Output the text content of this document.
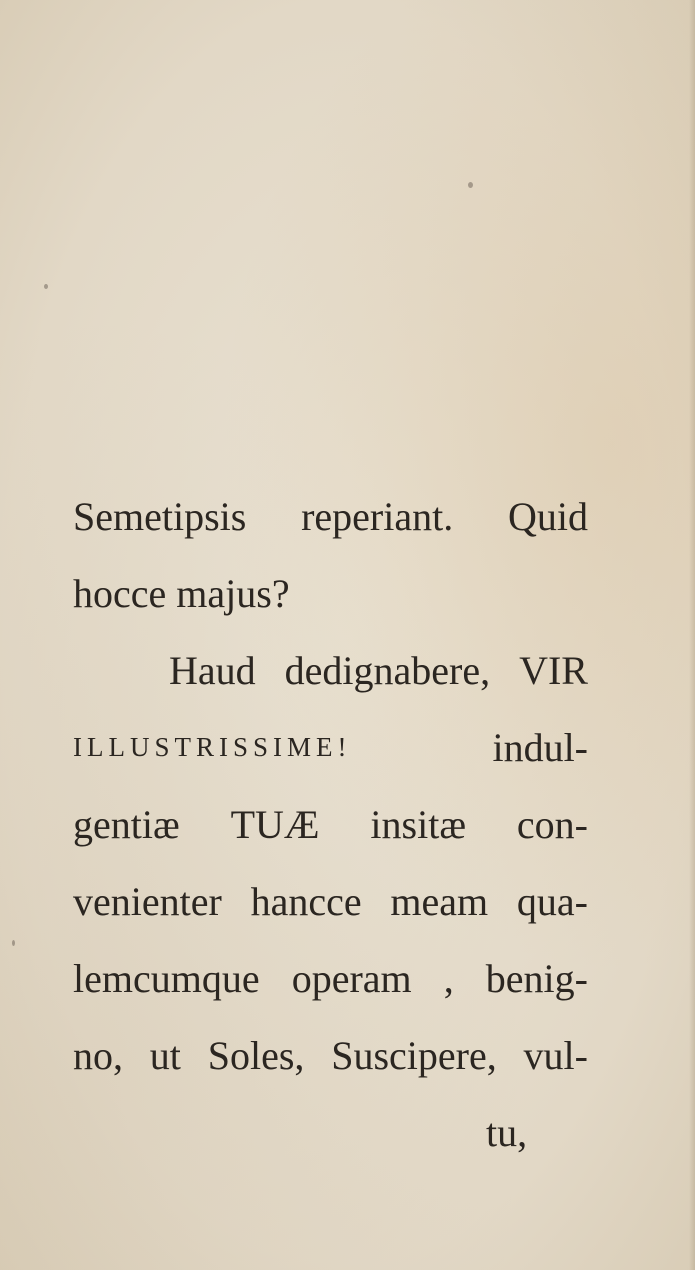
Semetipsis reperiant. Quid
hocce majus?
Haud dedignabere, VIR
ILLUSTRISSIME!	indul-
gentiæ TUÆ insitæ con-
venienter hancce meam qua-
lemcumque operam , benig-
no, ut Soles, Suscipere, vul-
tu,
